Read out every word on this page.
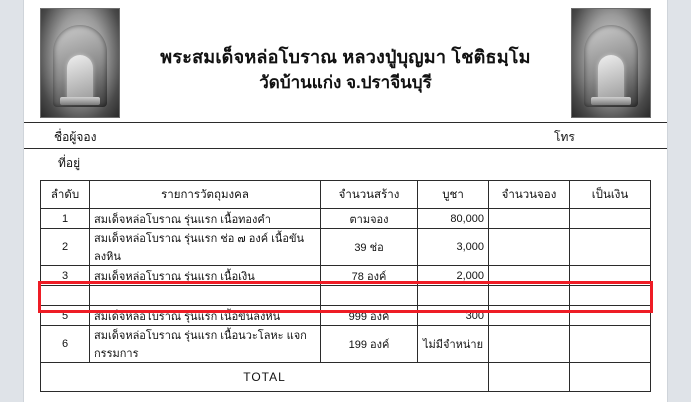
พระสมเด็จหล่อโบราณ หลวงปู่บุญมา โชติธมฺโม
วัดบ้านแก่ง จ.ปราจีนบุรี
ชื่อผู้จอง	โทร
ที่อยู่
ลำดับ	รายการวัตถุมงคล	จำนวนสร้าง	บูชา	จำนวนจอง	เป็นเงิน
1	สมเด็จหล่อโบราณ รุ่นแรก เนื้อทองคำ	ตามจอง	80,000		
2	สมเด็จหล่อโบราณ รุ่นแรก ช่อ ๗ องค์ เนื้อขันลงหิน	39 ช่อ	3,000		
3	สมเด็จหล่อโบราณ รุ่นแรก เนื้อเงิน	78 องค์	2,000		

5	สมเด็จหล่อโบราณ รุ่นแรก เนื้อขันลงหิน	999 องค์	300		
6	สมเด็จหล่อโบราณ รุ่นแรก เนื้อนวะโลหะ แจกกรรมการ	199 องค์	ไม่มีจำหน่าย		
TOTAL					
